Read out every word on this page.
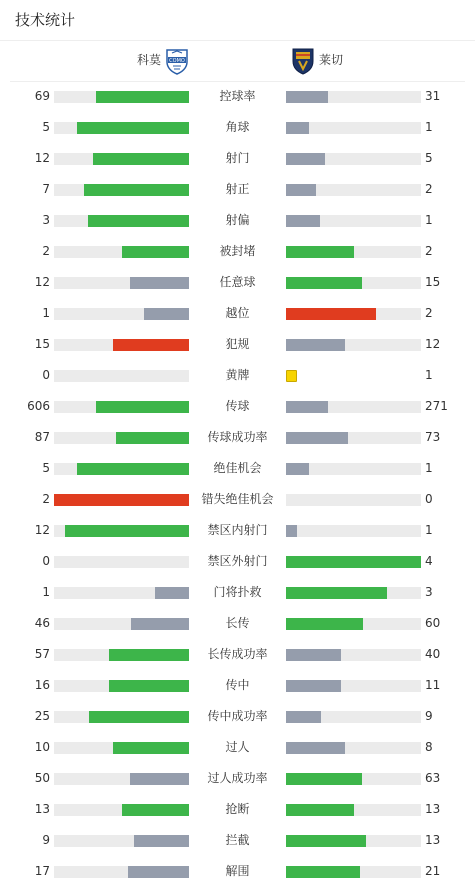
技术统计
科莫 COMO	莱切
69	控球率	31
5	角球	1
12	射门	5
7	射正	2
3	射偏	1
2	被封堵	2
12	任意球	15
1	越位	2
15	犯规	12
0	黄牌	1
606	传球	271
87	传球成功率	73
5	绝佳机会	1
2	错失绝佳机会	0
12	禁区内射门	1
0	禁区外射门	4
1	门将扑救	3
46	长传	60
57	长传成功率	40
16	传中	11
25	传中成功率	9
10	过人	8
50	过人成功率	63
13	抢断	13
9	拦截	13
17	解围	21
